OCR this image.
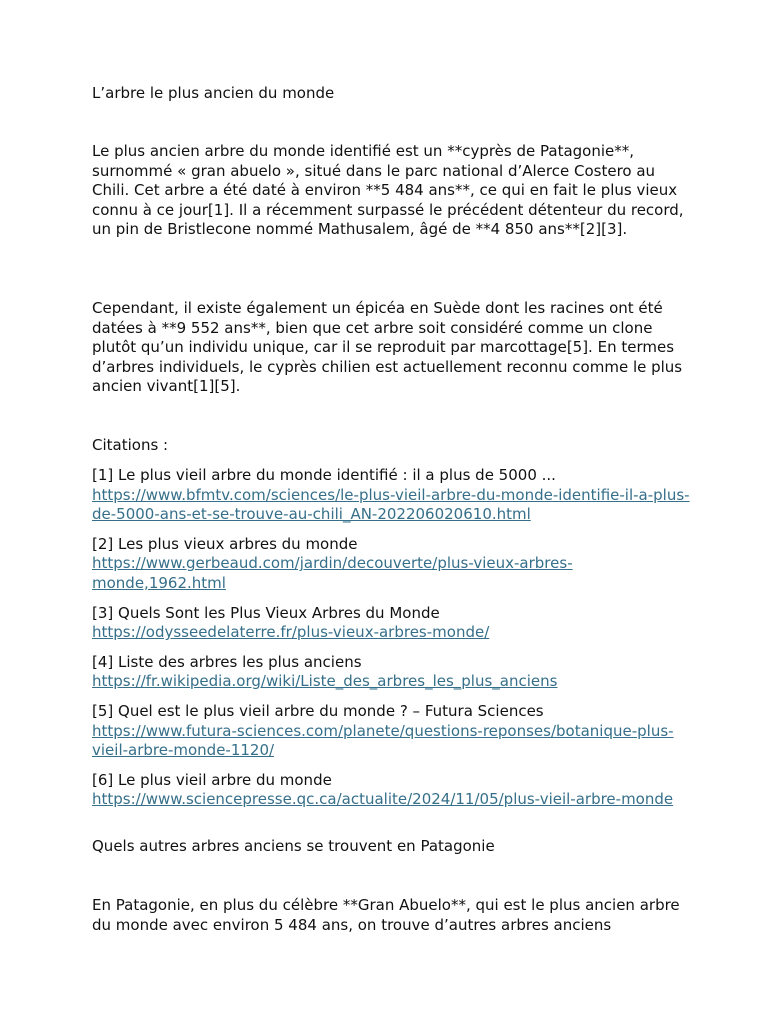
L’arbre le plus ancien du monde

Le plus ancien arbre du monde identifié est un **cyprès de Patagonie**, surnommé « gran abuelo », situé dans le parc national d’Alerce Costero au Chili. Cet arbre a été daté à environ **5 484 ans**, ce qui en fait le plus vieux connu à ce jour[1]. Il a récemment surpassé le précédent détenteur du record, un pin de Bristlecone nommé Mathusalem, âgé de **4 850 ans**[2][3].

Cependant, il existe également un épicéa en Suède dont les racines ont été datées à **9 552 ans**, bien que cet arbre soit considéré comme un clone plutôt qu’un individu unique, car il se reproduit par marcottage[5]. En termes d’arbres individuels, le cyprès chilien est actuellement reconnu comme le plus ancien vivant[1][5].

Citations :

[1] Le plus vieil arbre du monde identifié : il a plus de 5000 ...
https://www.bfmtv.com/sciences/le-plus-vieil-arbre-du-monde-identifie-il-a-plus-de-5000-ans-et-se-trouve-au-chili_AN-202206020610.html
[2] Les plus vieux arbres du monde
https://www.gerbeaud.com/jardin/decouverte/plus-vieux-arbres-monde,1962.html
[3] Quels Sont les Plus Vieux Arbres du Monde
https://odysseedelaterre.fr/plus-vieux-arbres-monde/
[4] Liste des arbres les plus anciens
https://fr.wikipedia.org/wiki/Liste_des_arbres_les_plus_anciens
[5] Quel est le plus vieil arbre du monde ? – Futura Sciences
https://www.futura-sciences.com/planete/questions-reponses/botanique-plus-vieil-arbre-monde-1120/
[6] Le plus vieil arbre du monde
https://www.sciencepresse.qc.ca/actualite/2024/11/05/plus-vieil-arbre-monde

Quels autres arbres anciens se trouvent en Patagonie

En Patagonie, en plus du célèbre **Gran Abuelo**, qui est le plus ancien arbre du monde avec environ 5 484 ans, on trouve d’autres arbres anciens
